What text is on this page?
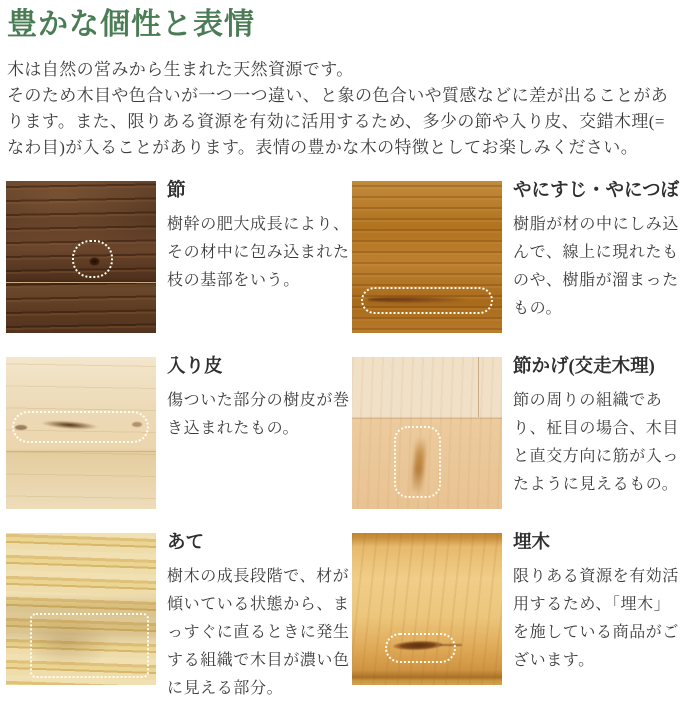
豊かな個性と表情
木は自然の営みから生まれた天然資源です。
そのため木目や色合いが一つ一つ違い、と象の色合いや質感などに差が出ることがあります。また、限りある資源を有効に活用するため、多少の節や入り皮、交錯木理(=なわ目)が入ることがあります。表情の豊かな木の特徴としてお楽しみください。
節
樹幹の肥大成長により、その材中に包み込まれた枝の基部をいう。
やにすじ・やにつぼ
樹脂が材の中にしみ込んで、線上に現れたものや、樹脂が溜まったもの。
入り皮
傷ついた部分の樹皮が巻き込まれたもの。
節かげ(交走木理)
節の周りの組織であり、柾目の場合、木目と直交方向に筋が入ったように見えるもの。
あて
樹木の成長段階で、材が傾いている状態から、まっすぐに直るときに発生する組織で木目が濃い色に見える部分。
埋木
限りある資源を有効活用するため、「埋木」を施している商品がございます。
